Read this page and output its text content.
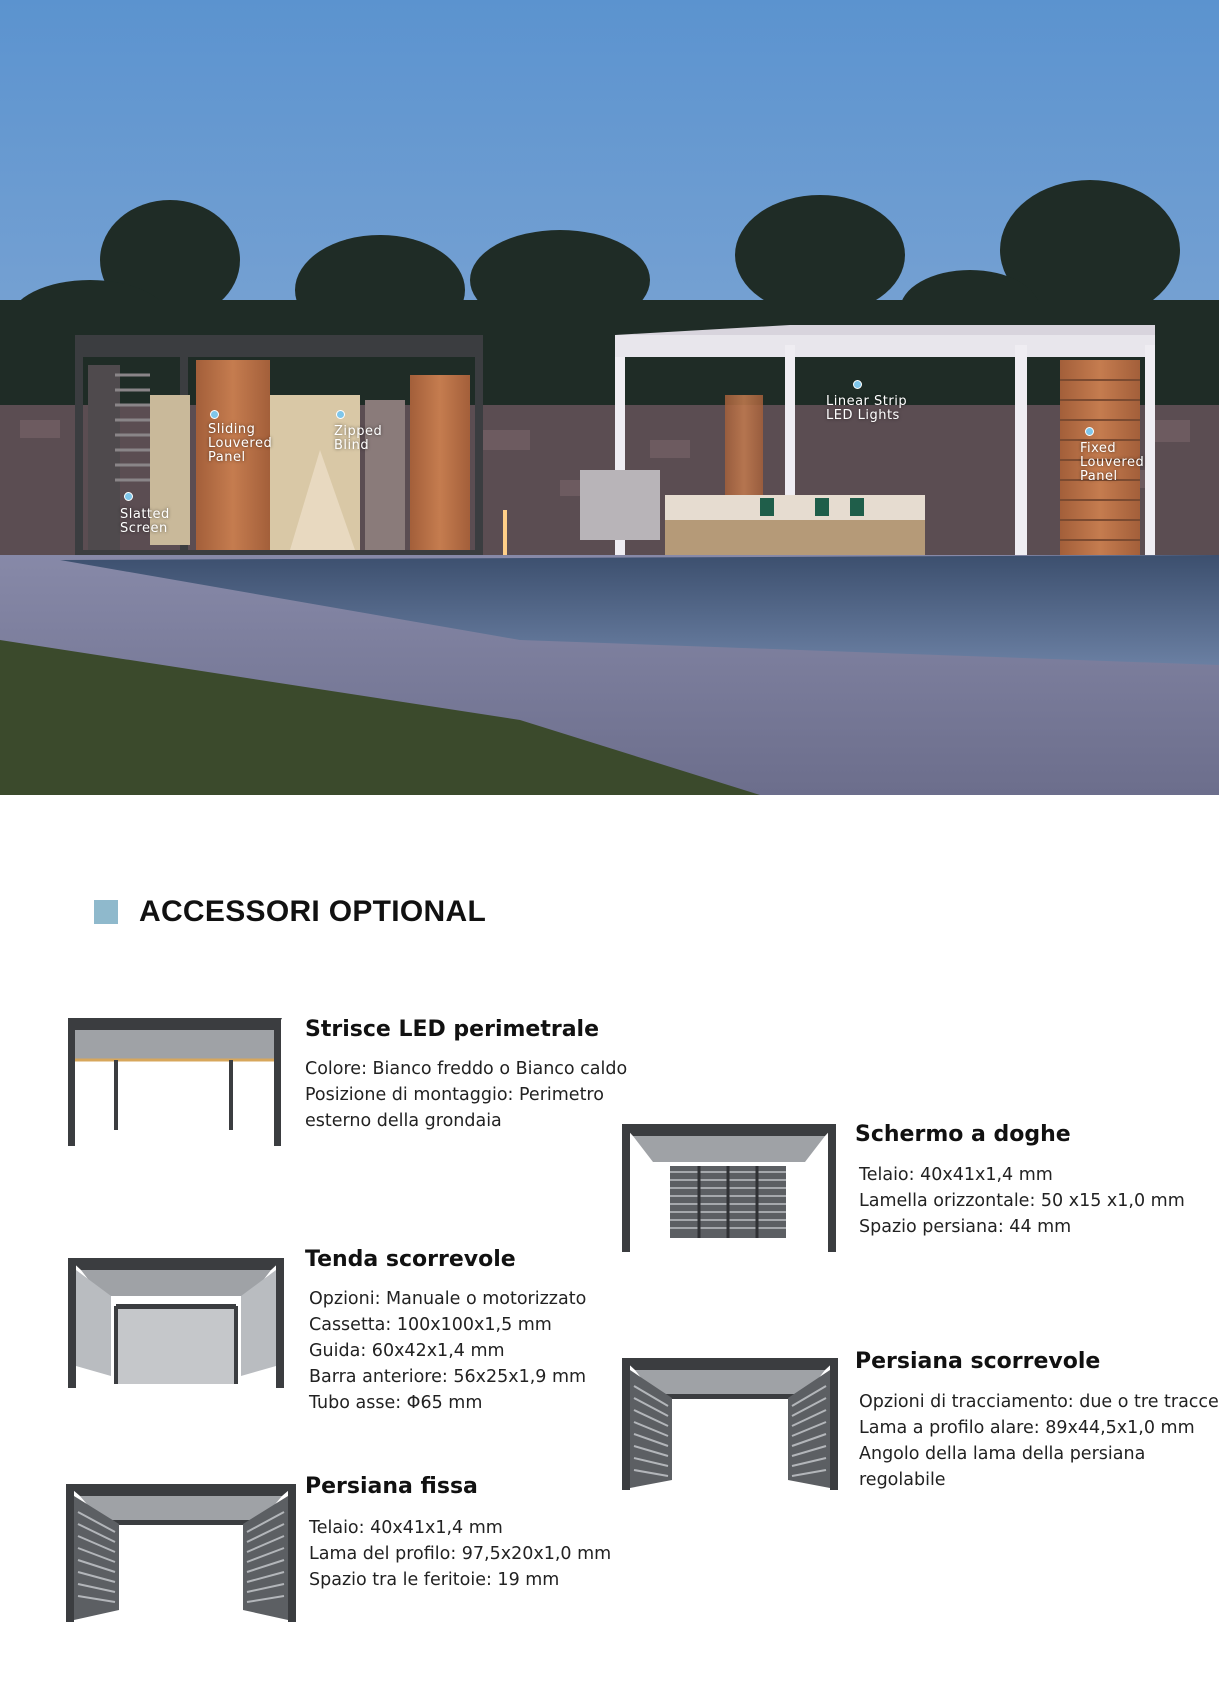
Sliding
Louvered
Panel
Zipped
Blind
Slatted
Screen
Linear Strip
LED Lights
Fixed
Louvered
Panel
ACCESSORI OPTIONAL
Strisce LED perimetrale
Colore: Bianco freddo o Bianco caldo
Posizione di montaggio: Perimetro
esterno della grondaia
Schermo a doghe
Telaio: 40x41x1,4 mm
Lamella orizzontale: 50 x15 x1,0 mm
Spazio persiana: 44 mm
Tenda scorrevole
Opzioni: Manuale o motorizzato
Cassetta: 100x100x1,5 mm
Guida: 60x42x1,4 mm
Barra anteriore: 56x25x1,9 mm
Tubo asse: Φ65 mm
Persiana scorrevole
Opzioni di tracciamento: due o tre tracce
Lama a profilo alare: 89x44,5x1,0 mm
Angolo della lama della persiana
regolabile
Persiana fissa
Telaio: 40x41x1,4 mm
Lama del profilo: 97,5x20x1,0 mm
Spazio tra le feritoie: 19 mm
